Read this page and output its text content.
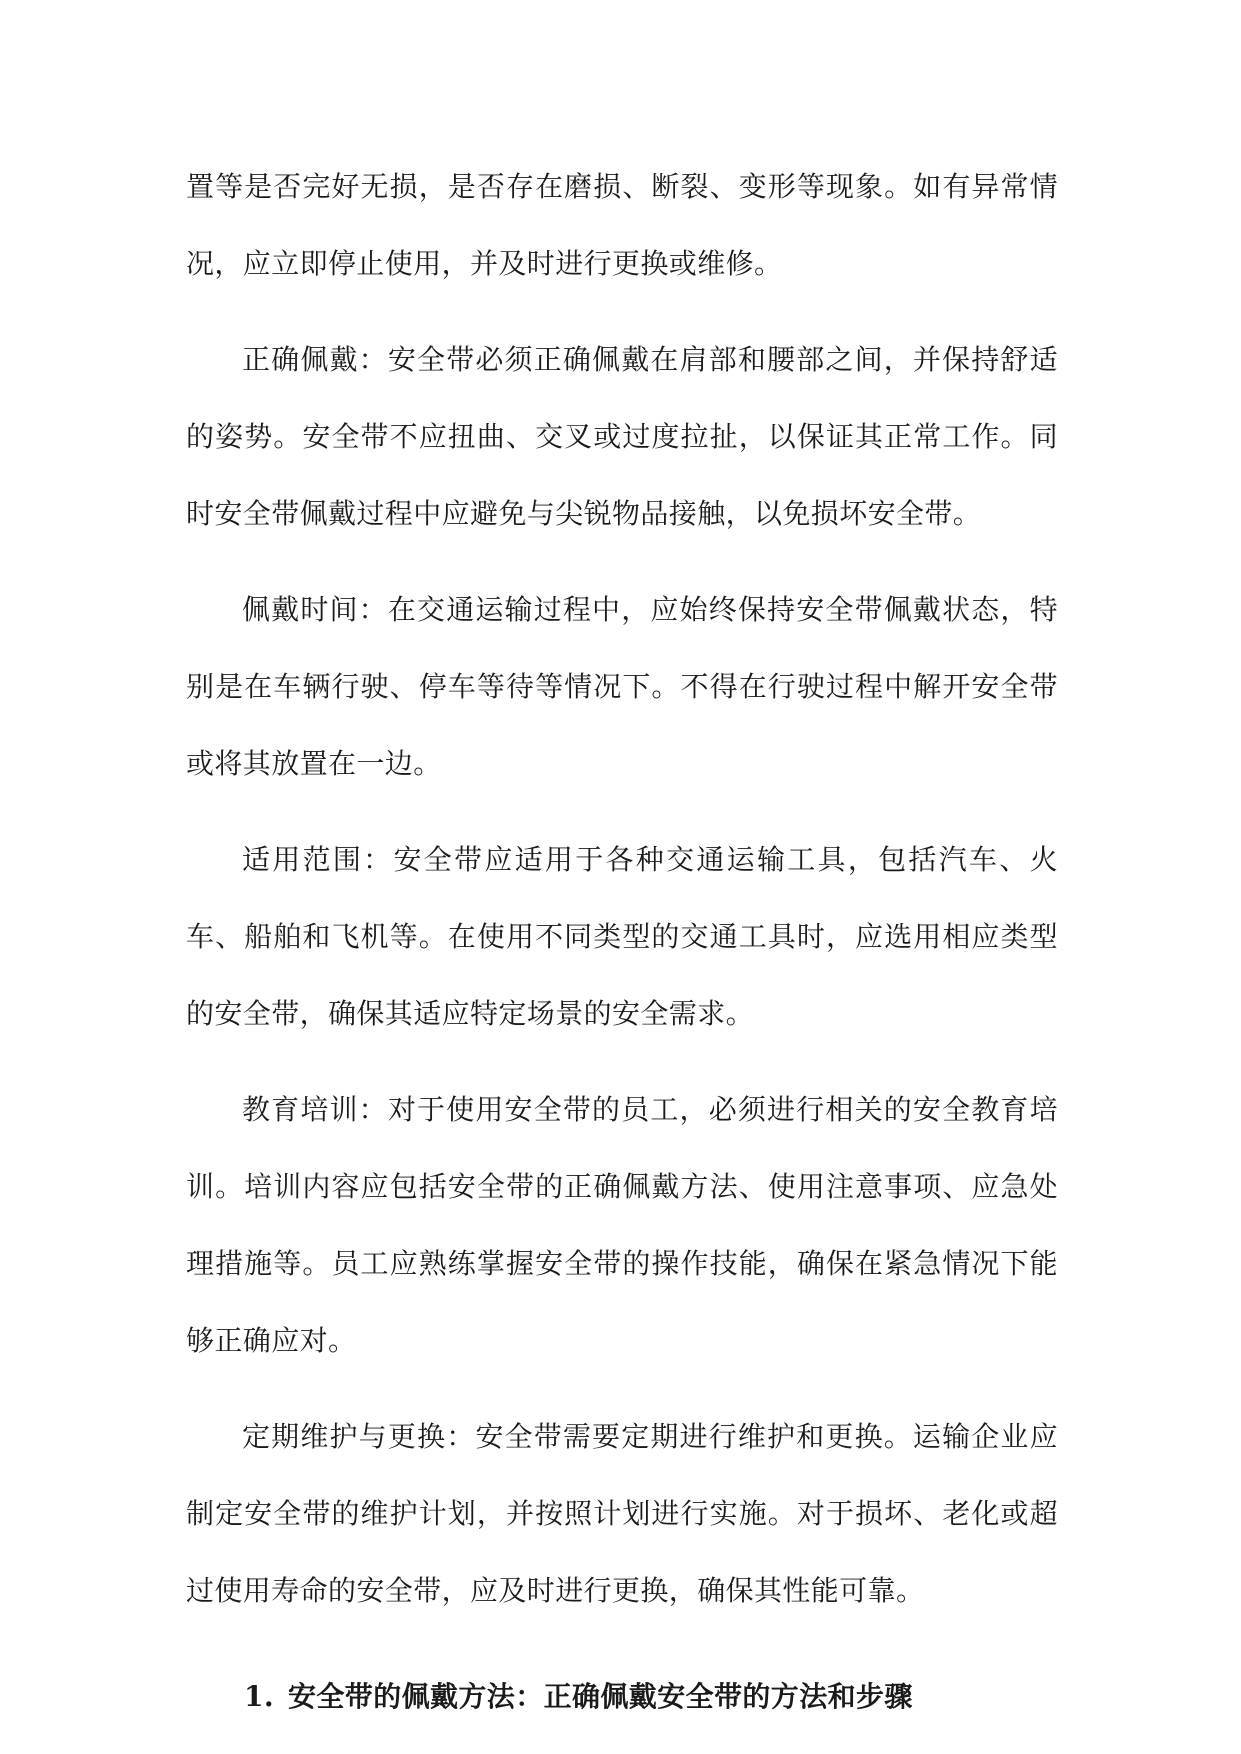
置等是否完好无损，是否存在磨损、断裂、变形等现象。如有异常情况，应立即停止使用，并及时进行更换或维修。

正确佩戴：安全带必须正确佩戴在肩部和腰部之间，并保持舒适的姿势。安全带不应扭曲、交叉或过度拉扯，以保证其正常工作。同时安全带佩戴过程中应避免与尖锐物品接触，以免损坏安全带。

佩戴时间：在交通运输过程中，应始终保持安全带佩戴状态，特别是在车辆行驶、停车等待等情况下。不得在行驶过程中解开安全带或将其放置在一边。

适用范围：安全带应适用于各种交通运输工具，包括汽车、火车、船舶和飞机等。在使用不同类型的交通工具时，应选用相应类型的安全带，确保其适应特定场景的安全需求。

教育培训：对于使用安全带的员工，必须进行相关的安全教育培训。培训内容应包括安全带的正确佩戴方法、使用注意事项、应急处理措施等。员工应熟练掌握安全带的操作技能，确保在紧急情况下能够正确应对。

定期维护与更换：安全带需要定期进行维护和更换。运输企业应制定安全带的维护计划，并按照计划进行实施。对于损坏、老化或超过使用寿命的安全带，应及时进行更换，确保其性能可靠。

1. 安全带的佩戴方法：正确佩戴安全带的方法和步骤
